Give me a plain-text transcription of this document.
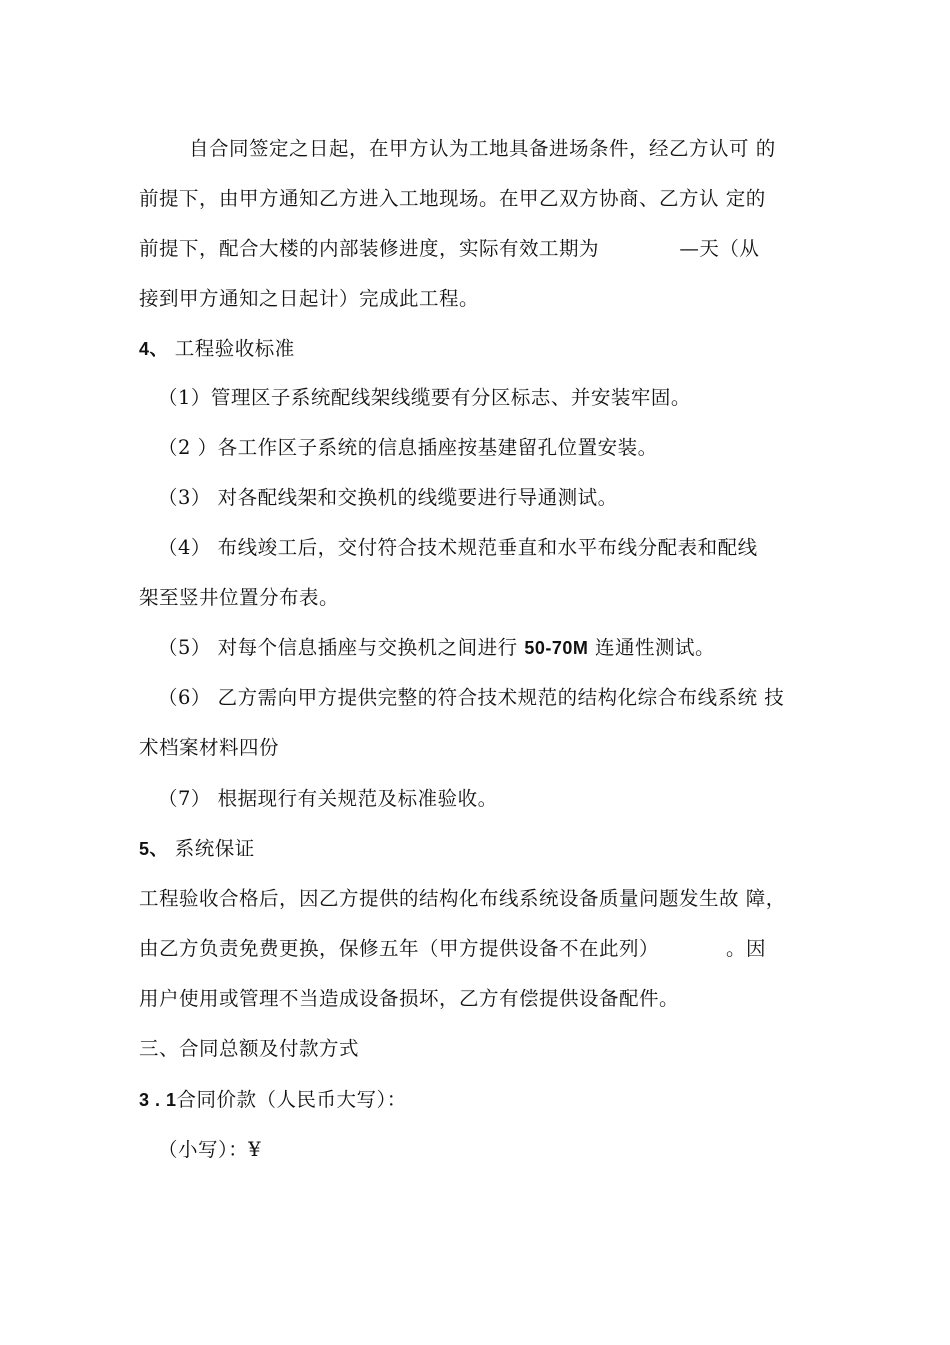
自合同签定之日起，在甲方认为工地具备进场条件，经乙方认可 的
前提下，由甲方通知乙方进入工地现场。在甲乙双方协商、乙方认 定的
前提下，配合大楼的内部装修进度，实际有效工期为            —天（从
接到甲方通知之日起计）完成此工程。
4、 工程验收标准
（1）管理区子系统配线架线缆要有分区标志、并安装牢固。
（2 ）各工作区子系统的信息插座按基建留孔位置安装。
（3） 对各配线架和交换机的线缆要进行导通测试。
（4） 布线竣工后，交付符合技术规范垂直和水平布线分配表和配线
架至竖井位置分布表。
（5） 对每个信息插座与交换机之间进行 50-70M 连通性测试。
（6） 乙方需向甲方提供完整的符合技术规范的结构化综合布线系统 技
术档案材料四份
（7） 根据现行有关规范及标准验收。
5、 系统保证
工程验收合格后，因乙方提供的结构化布线系统设备质量问题发生故 障，
由乙方负责免费更换，保修五年（甲方提供设备不在此列）          。因
用户使用或管理不当造成设备损坏，乙方有偿提供设备配件。
三、合同总额及付款方式
3 . 1合同价款（人民币大写）：
（小写）：¥
